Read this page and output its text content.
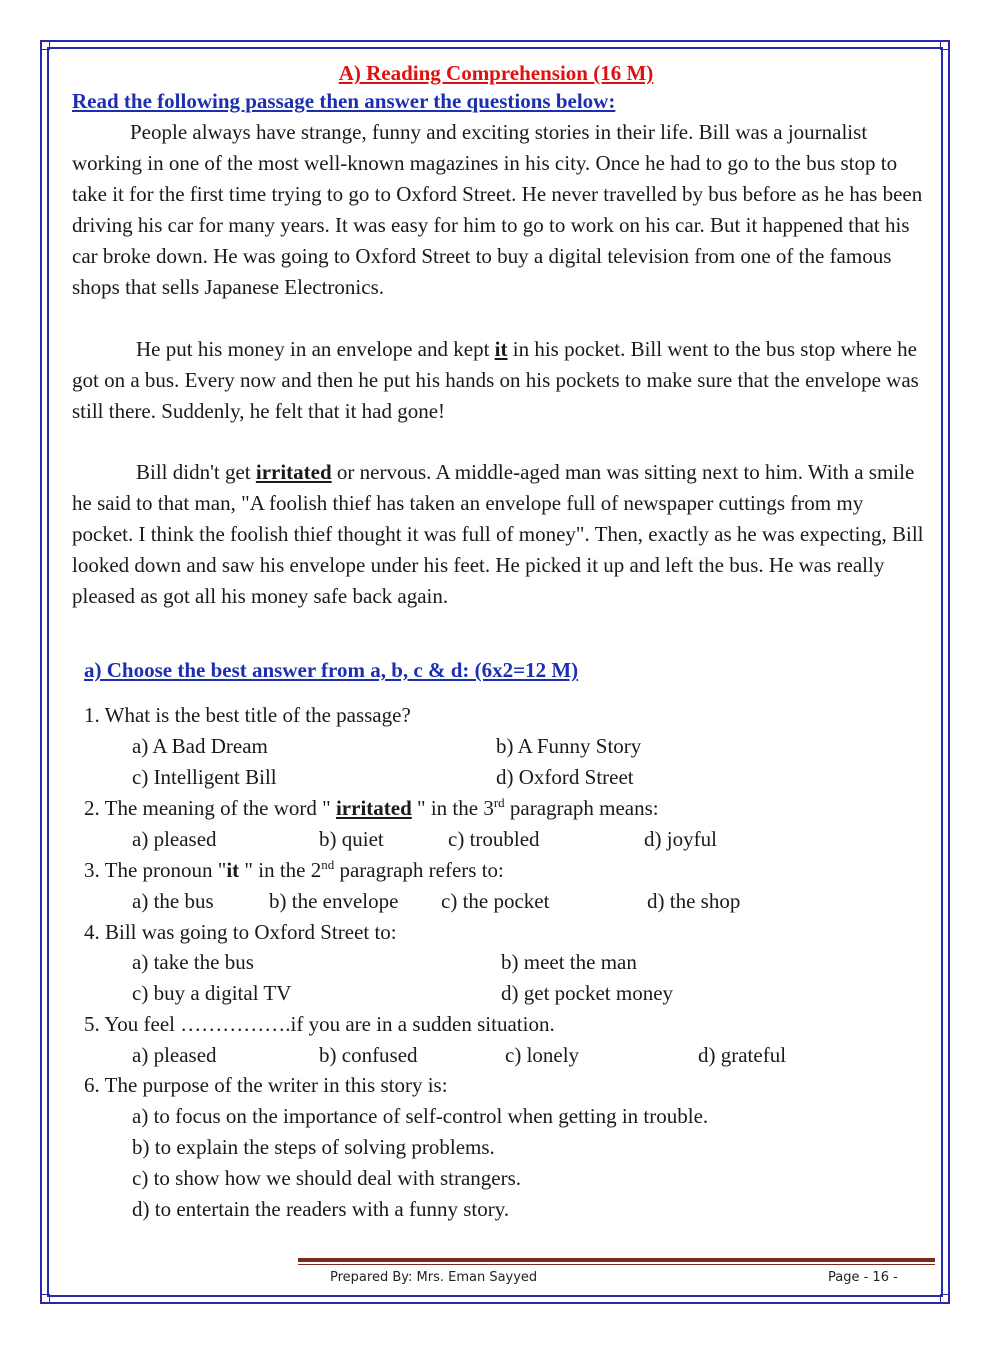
A) Reading Comprehension (16 M)
Read the following passage then answer the questions below:

People always have strange, funny and exciting stories in their life. Bill was a journalist working in one of the most well-known magazines in his city. Once he had to go to the bus stop to take it for the first time trying to go to Oxford Street. He never travelled by bus before as he has been driving his car for many years. It was easy for him to go to work on his car. But it happened that his car broke down. He was going to Oxford Street to buy a digital television from one of the famous shops that sells Japanese Electronics.

He put his money in an envelope and kept it in his pocket. Bill went to the bus stop where he got on a bus. Every now and then he put his hands on his pockets to make sure that the envelope was still there. Suddenly, he felt that it had gone!

Bill didn't get irritated or nervous. A middle-aged man was sitting next to him. With a smile he said to that man, "A foolish thief has taken an envelope full of newspaper cuttings from my pocket. I think the foolish thief thought it was full of money". Then, exactly as he was expecting, Bill looked down and saw his envelope under his feet. He picked it up and left the bus. He was really pleased as got all his money safe back again.

a) Choose the best answer from a, b, c & d: (6x2=12 M)
1. What is the best title of the passage?
a) A Bad Dream	b) A Funny Story
c) Intelligent Bill	d) Oxford Street
2. The meaning of the word " irritated " in the 3rd paragraph means:
a) pleased	b) quiet	c) troubled	d) joyful
3. The pronoun "it " in the 2nd paragraph refers to:
a) the bus	b) the envelope c) the pocket	d) the shop
4. Bill was going to Oxford Street to:
a) take the bus	b) meet the man
c) buy a digital TV	d) get pocket money
5. You feel …………….if you are in a sudden situation.
a) pleased	b) confused	c) lonely	d) grateful
6. The purpose of the writer in this story is:
a) to focus on the importance of self-control when getting in trouble.
b) to explain the steps of solving problems.
c) to show how we should deal with strangers.
d) to entertain the readers with a funny story.
Prepared By: Mrs. Eman Sayyed	Page - 16 -
